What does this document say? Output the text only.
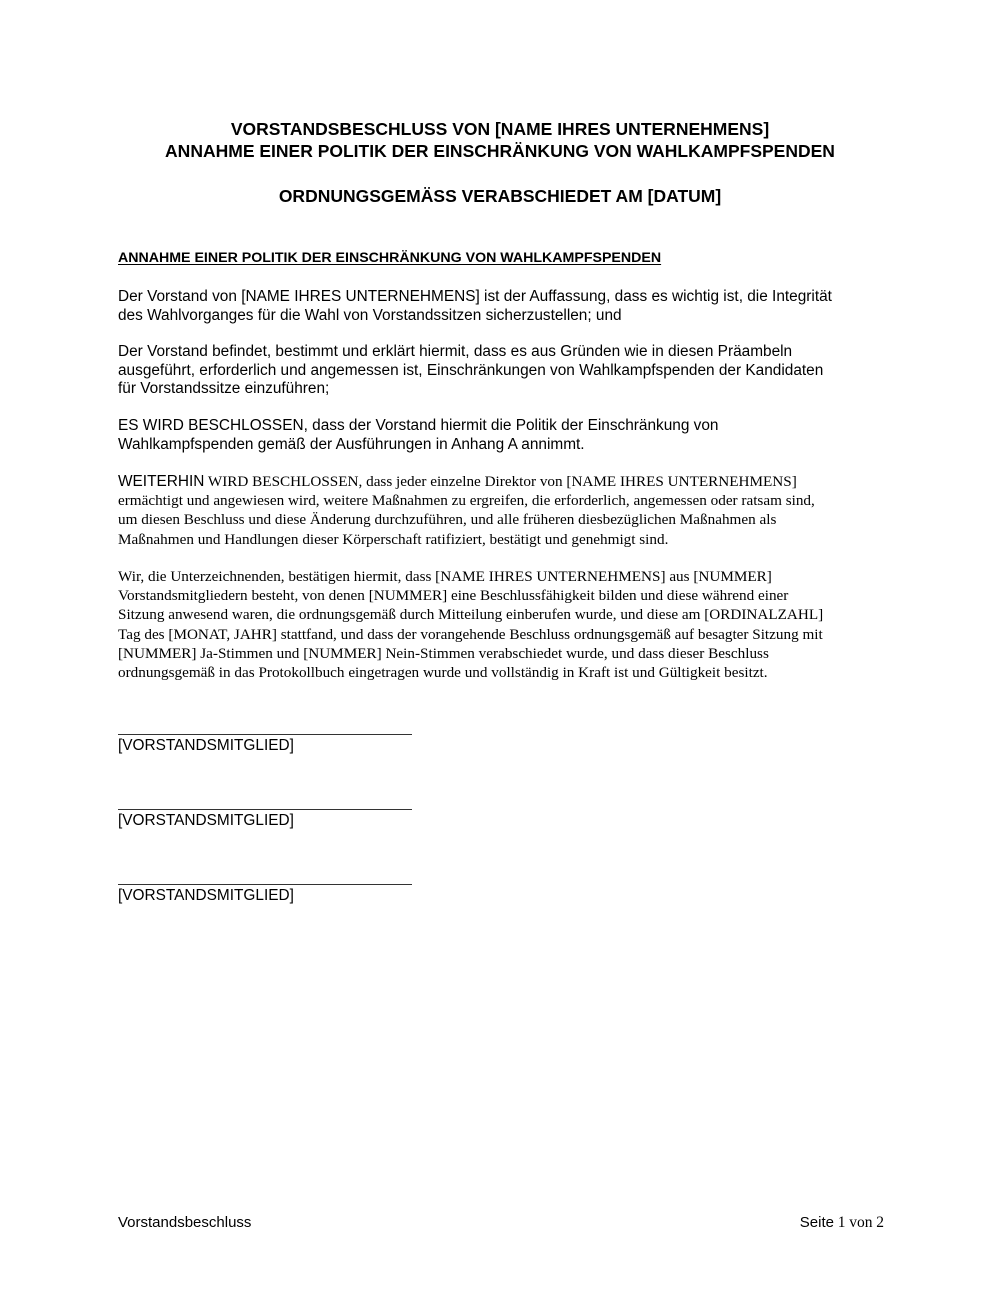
VORSTANDSBESCHLUSS VON [NAME IHRES UNTERNEHMENS]
ANNAHME EINER POLITIK DER EINSCHRÄNKUNG VON WAHLKAMPFSPENDEN
ORDNUNGSGEMÄSS VERABSCHIEDET AM [DATUM]
ANNAHME EINER POLITIK DER EINSCHRÄNKUNG VON WAHLKAMPFSPENDEN

Der Vorstand von [NAME IHRES UNTERNEHMENS] ist der Auffassung, dass es wichtig ist, die Integrität
des Wahlvorganges für die Wahl von Vorstandssitzen sicherzustellen; und

Der Vorstand befindet, bestimmt und erklärt hiermit, dass es aus Gründen wie in diesen Präambeln
ausgeführt, erforderlich und angemessen ist, Einschränkungen von Wahlkampfspenden der Kandidaten
für Vorstandssitze einzuführen;

ES WIRD BESCHLOSSEN, dass der Vorstand hiermit die Politik der Einschränkung von
Wahlkampfspenden gemäß der Ausführungen in Anhang A annimmt.

WEITERHIN WIRD BESCHLOSSEN, dass jeder einzelne Direktor von [NAME IHRES UNTERNEHMENS]
ermächtigt und angewiesen wird, weitere Maßnahmen zu ergreifen, die erforderlich, angemessen oder ratsam sind,
um diesen Beschluss und diese Änderung durchzuführen, und alle früheren diesbezüglichen Maßnahmen als
Maßnahmen und Handlungen dieser Körperschaft ratifiziert, bestätigt und genehmigt sind.

Wir, die Unterzeichnenden, bestätigen hiermit, dass [NAME IHRES UNTERNEHMENS] aus [NUMMER]
Vorstandsmitgliedern besteht, von denen [NUMMER] eine Beschlussfähigkeit bilden und diese während einer
Sitzung anwesend waren, die ordnungsgemäß durch Mitteilung einberufen wurde, und diese am [ORDINALZAHL]
Tag des [MONAT, JAHR] stattfand, und dass der vorangehende Beschluss ordnungsgemäß auf besagter Sitzung mit
[NUMMER] Ja-Stimmen und [NUMMER] Nein-Stimmen verabschiedet wurde, und dass dieser Beschluss
ordnungsgemäß in das Protokollbuch eingetragen wurde und vollständig in Kraft ist und Gültigkeit besitzt.

[VORSTANDSMITGLIED]
[VORSTANDSMITGLIED]
[VORSTANDSMITGLIED]
Vorstandsbeschluss	Seite 1 von 2
